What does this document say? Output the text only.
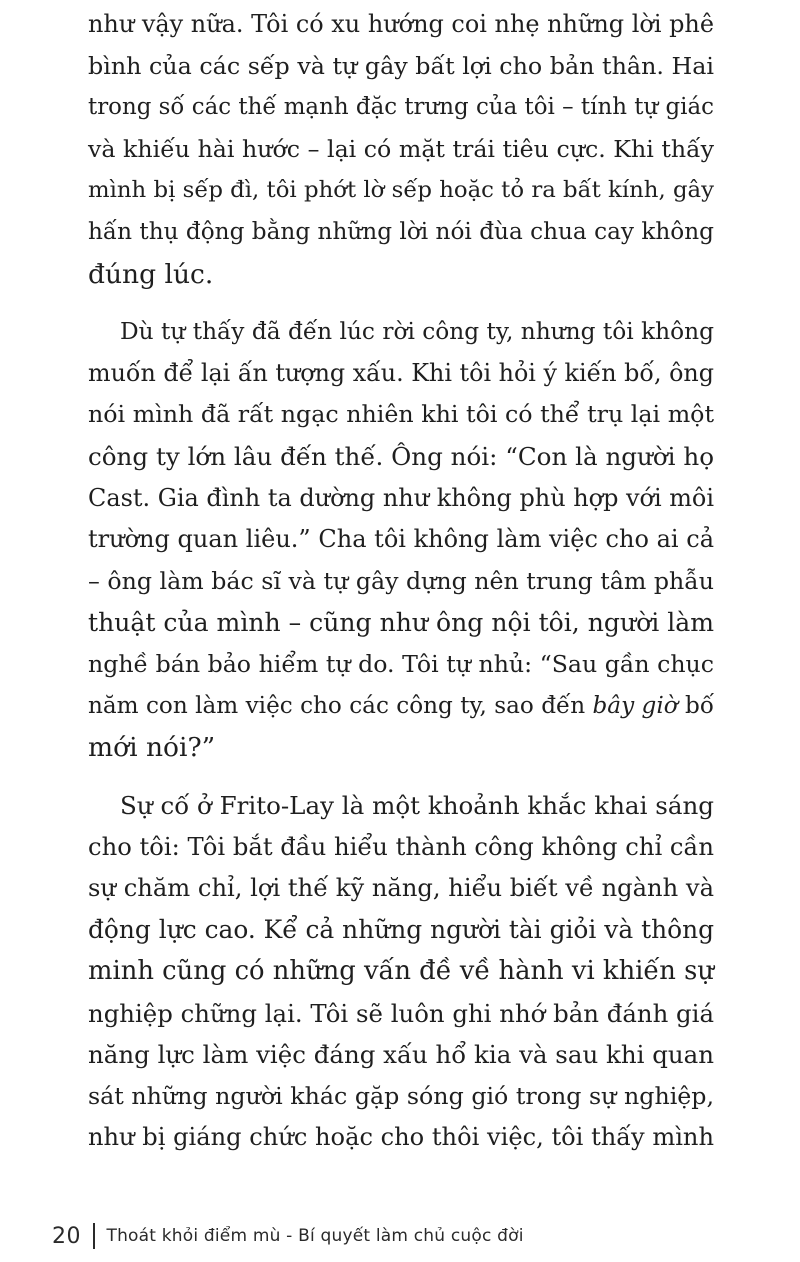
như vậy nữa. Tôi có xu hướng coi nhẹ những lời phê
bình của các sếp và tự gây bất lợi cho bản thân. Hai
trong số các thế mạnh đặc trưng của tôi – tính tự giác
và khiếu hài hước – lại có mặt trái tiêu cực. Khi thấy
mình bị sếp đì, tôi phớt lờ sếp hoặc tỏ ra bất kính, gây
hấn thụ động bằng những lời nói đùa chua cay không
đúng lúc.

Dù tự thấy đã đến lúc rời công ty, nhưng tôi không
muốn để lại ấn tượng xấu. Khi tôi hỏi ý kiến bố, ông
nói mình đã rất ngạc nhiên khi tôi có thể trụ lại một
công ty lớn lâu đến thế. Ông nói: “Con là người họ
Cast. Gia đình ta dường như không phù hợp với môi
trường quan liêu.” Cha tôi không làm việc cho ai cả
– ông làm bác sĩ và tự gây dựng nên trung tâm phẫu
thuật của mình – cũng như ông nội tôi, người làm
nghề bán bảo hiểm tự do. Tôi tự nhủ: “Sau gần chục
năm con làm việc cho các công ty, sao đến bây giờ bố
mới nói?”

Sự cố ở Frito-Lay là một khoảnh khắc khai sáng
cho tôi: Tôi bắt đầu hiểu thành công không chỉ cần
sự chăm chỉ, lợi thế kỹ năng, hiểu biết về ngành và
động lực cao. Kể cả những người tài giỏi và thông
minh cũng có những vấn đề về hành vi khiến sự
nghiệp chững lại. Tôi sẽ luôn ghi nhớ bản đánh giá
năng lực làm việc đáng xấu hổ kia và sau khi quan
sát những người khác gặp sóng gió trong sự nghiệp,
như bị giáng chức hoặc cho thôi việc, tôi thấy mình

20 Thoát khỏi điểm mù - Bí quyết làm chủ cuộc đời
